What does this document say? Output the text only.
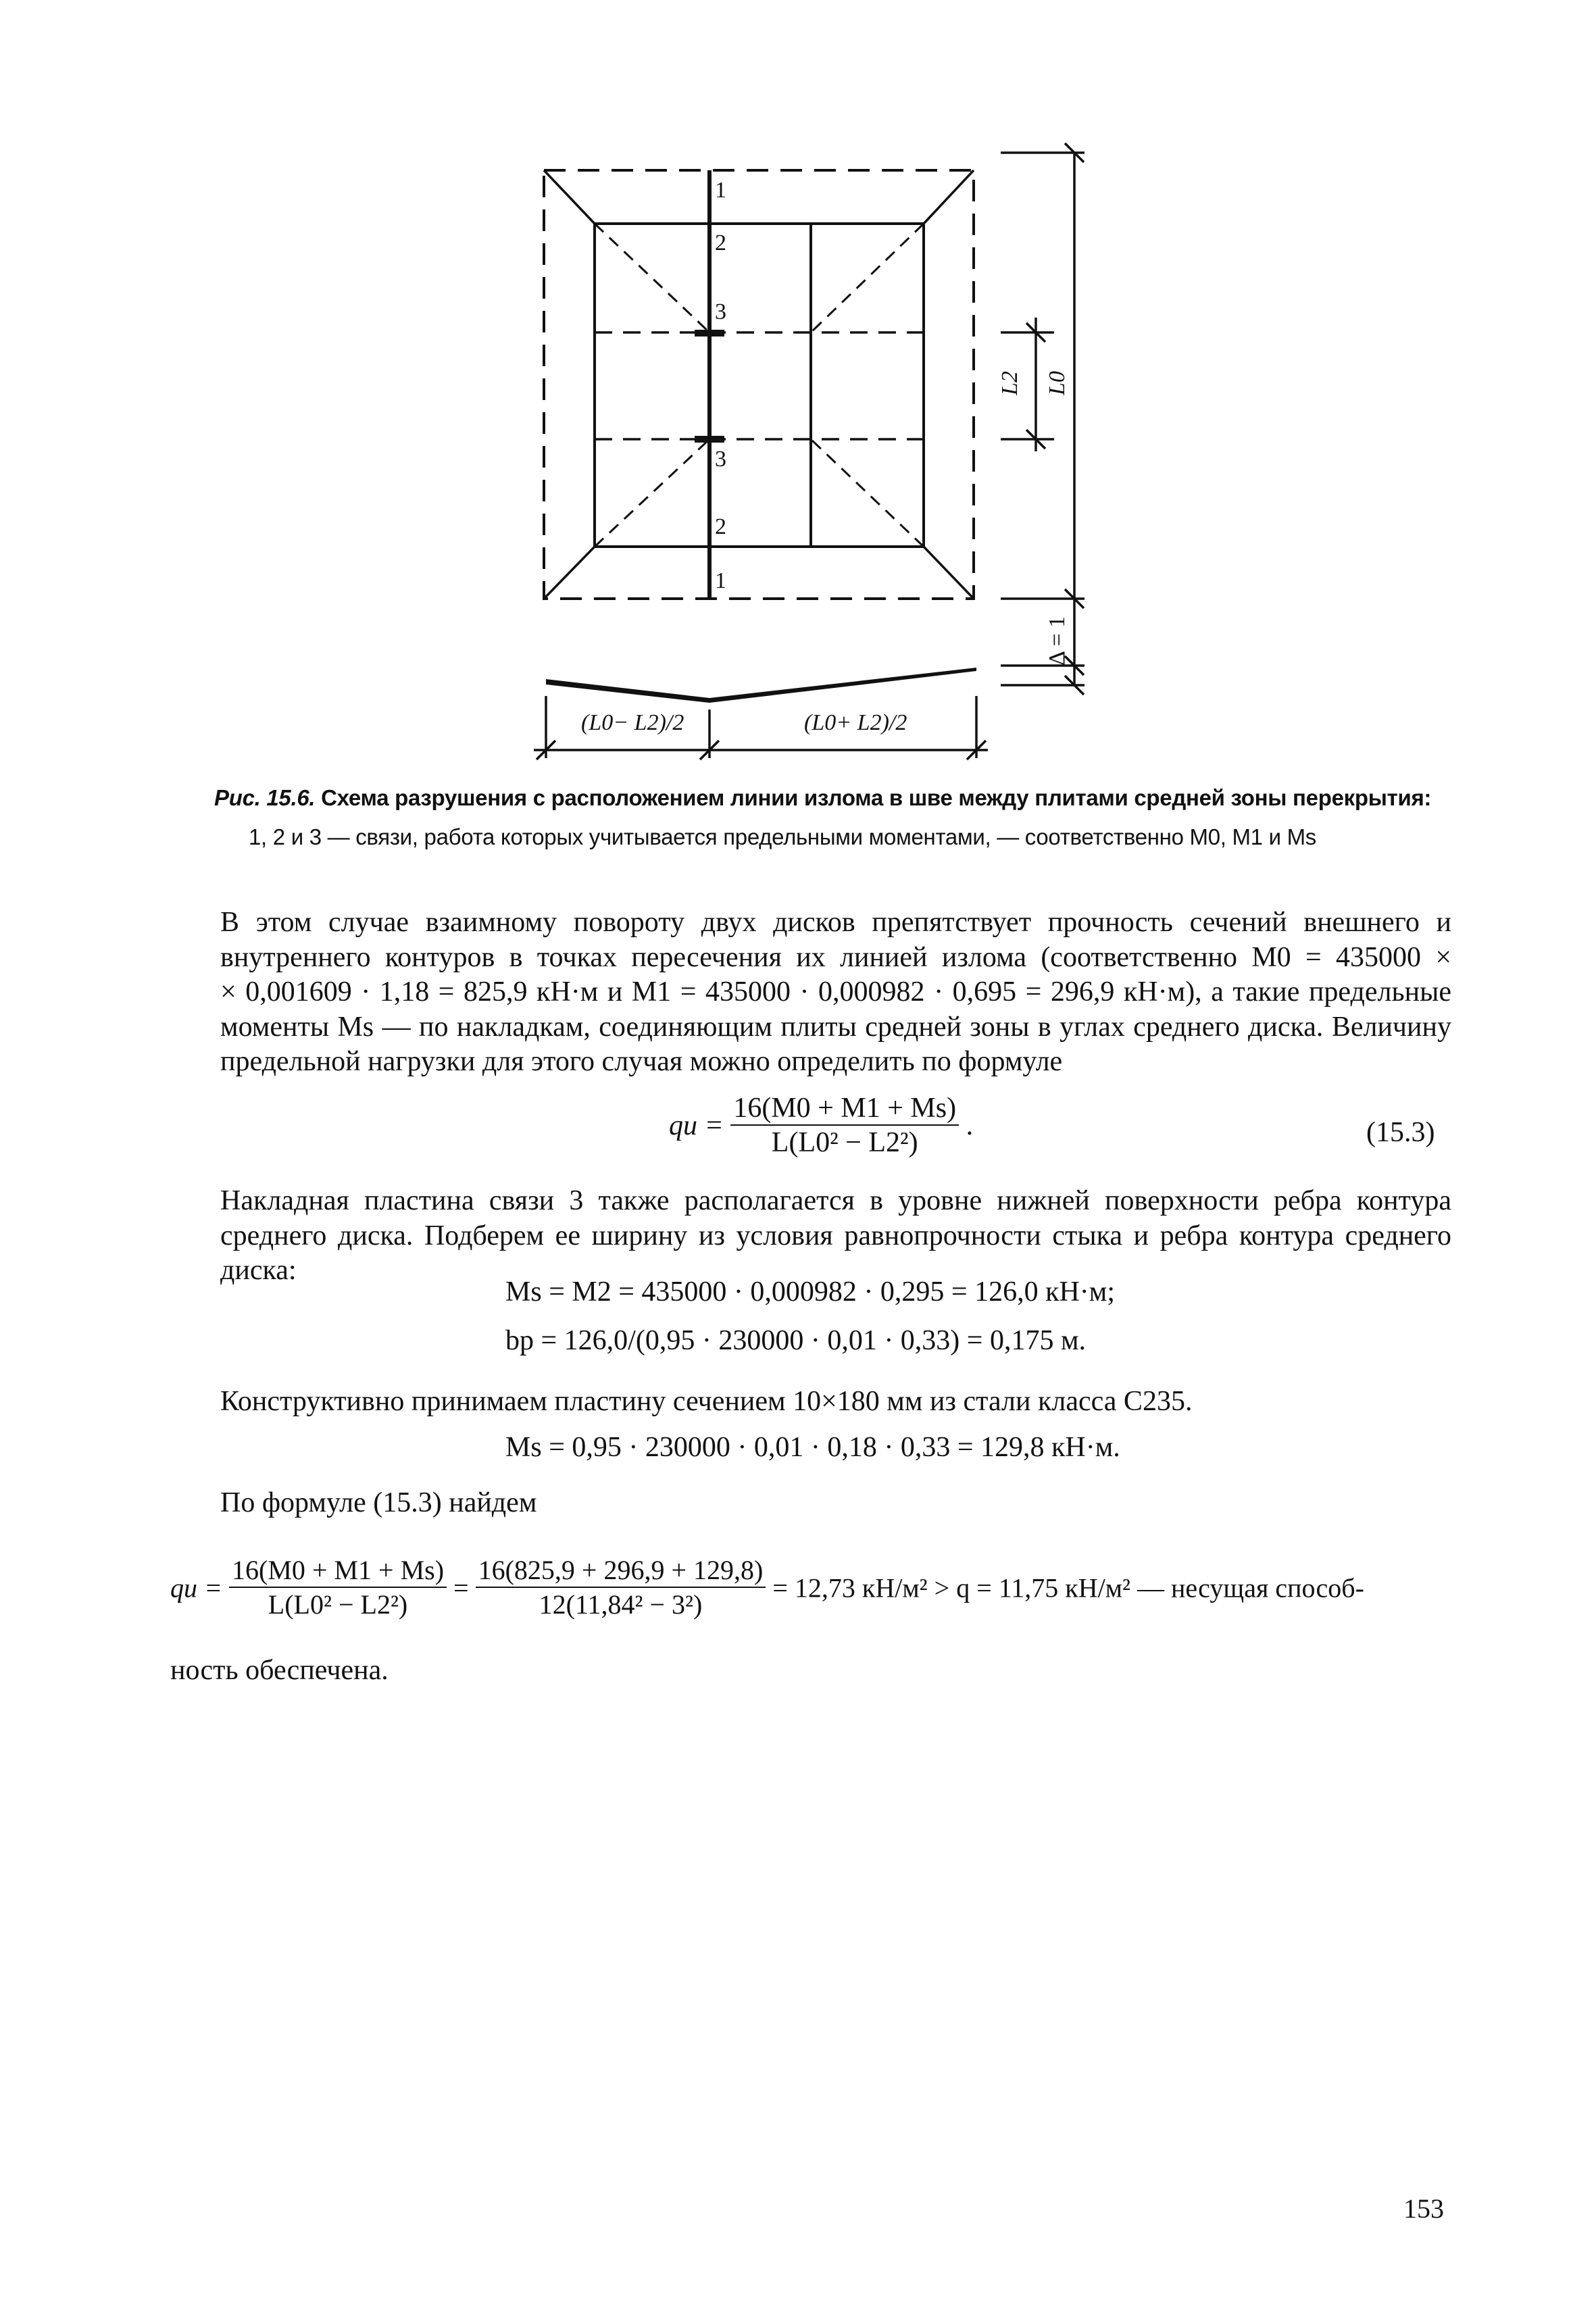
1
2
3
3
2
1
L2 L0
Δ = 1
(L0− L2)/2	(L0+ L2)/2
Рис. 15.6. Схема разрушения с расположением линии излома в шве между плитами средней зоны перекрытия:
1, 2 и 3 — связи, работа которых учитывается предельными моментами, — соответственно M0, M1 и Ms
В этом случае взаимному повороту двух дисков препятствует прочность сечений внешнего и
внутреннего контуров в точках пересечения их линией излома (соответственно M0 = 435000 ×
× 0,001609 · 1,18 = 825,9 кН·м и M1 = 435000 · 0,000982 · 0,695 = 296,9 кН·м), а такие предельные
моменты Ms — по накладкам, соединяющим плиты средней зоны в углах среднего диска. Величину
предельной нагрузки для этого случая можно определить по формуле
qu = $\frac{16(M0 + M1 + Ms)}{\text{L(L0² − L2²)}}$ .	(15.3)
Накладная пластина связи 3 также располагается в уровне нижней поверхности ребра контура
среднего диска. Подберем ее ширину из условия равнопрочности стыка и ребра контура среднего
диска:
Ms = M2 = 435000 · 0,000982 · 0,295 = 126,0 кН·м;
bp = 126,0/(0,95 · 230000 · 0,01 · 0,33) = 0,175 м.
Конструктивно принимаем пластину сечением 10×180 мм из стали класса С235.
Ms = 0,95 · 230000 · 0,01 · 0,18 · 0,33 = 129,8 кН·м.
По формуле (15.3) найдем
qu = $\frac{16(M0 + M1 + Ms)}{\text{L(L0² − L2²)}} = \frac{16(825,9 + 296,9 + 129,8)}{\text{12(11,84² − 3²)}} = 12,73$ кН/м² > q = 11,75 кН/м² — несущая способ-
ность обеспечена.
153
